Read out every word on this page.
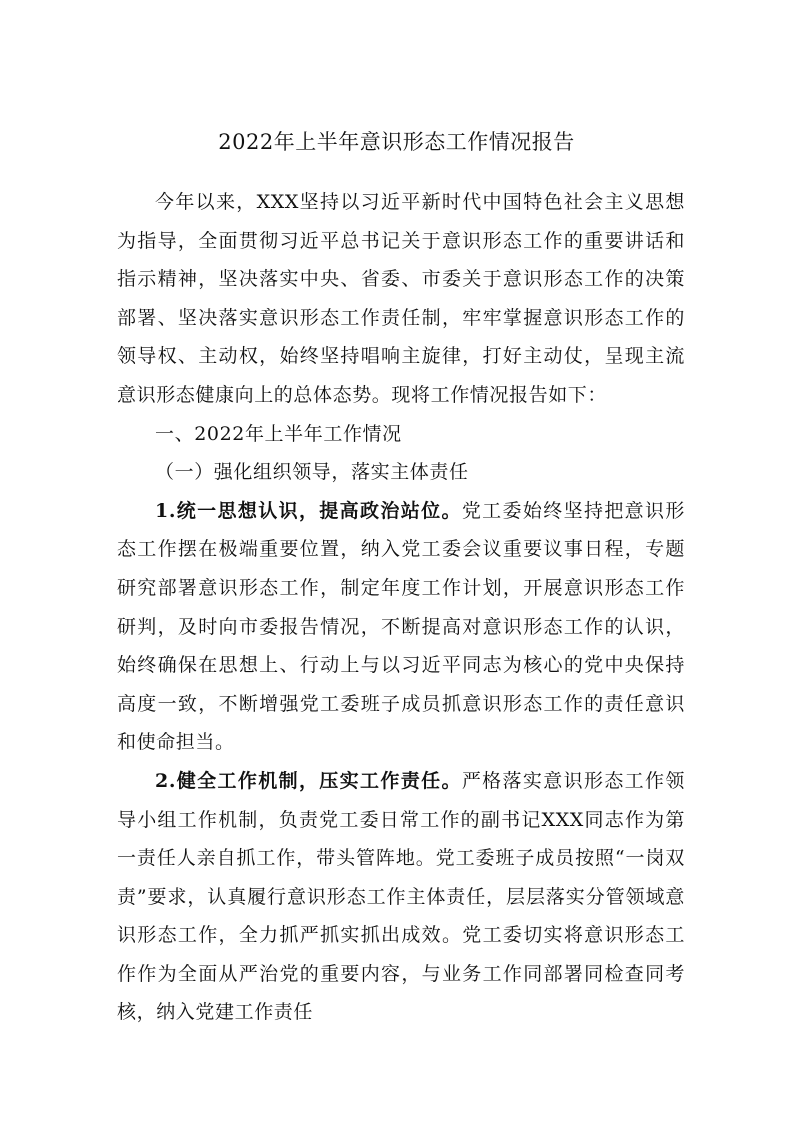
2022年上半年意识形态工作情况报告

今年以来，XXX坚持以习近平新时代中国特色社会主义思想为指导，全面贯彻习近平总书记关于意识形态工作的重要讲话和指示精神，坚决落实中央、省委、市委关于意识形态工作的决策部署、坚决落实意识形态工作责任制，牢牢掌握意识形态工作的领导权、主动权，始终坚持唱响主旋律，打好主动仗，呈现主流意识形态健康向上的总体态势。现将工作情况报告如下：

一、2022年上半年工作情况

（一）强化组织领导，落实主体责任

1.统一思想认识，提高政治站位。党工委始终坚持把意识形态工作摆在极端重要位置，纳入党工委会议重要议事日程，专题研究部署意识形态工作，制定年度工作计划，开展意识形态工作研判，及时向市委报告情况，不断提高对意识形态工作的认识，始终确保在思想上、行动上与以习近平同志为核心的党中央保持高度一致，不断增强党工委班子成员抓意识形态工作的责任意识和使命担当。

2.健全工作机制，压实工作责任。严格落实意识形态工作领导小组工作机制，负责党工委日常工作的副书记XXX同志作为第一责任人亲自抓工作，带头管阵地。党工委班子成员按照“一岗双责”要求，认真履行意识形态工作主体责任，层层落实分管领域意识形态工作，全力抓严抓实抓出成效。党工委切实将意识形态工作作为全面从严治党的重要内容，与业务工作同部署同检查同考核，纳入党建工作责任
